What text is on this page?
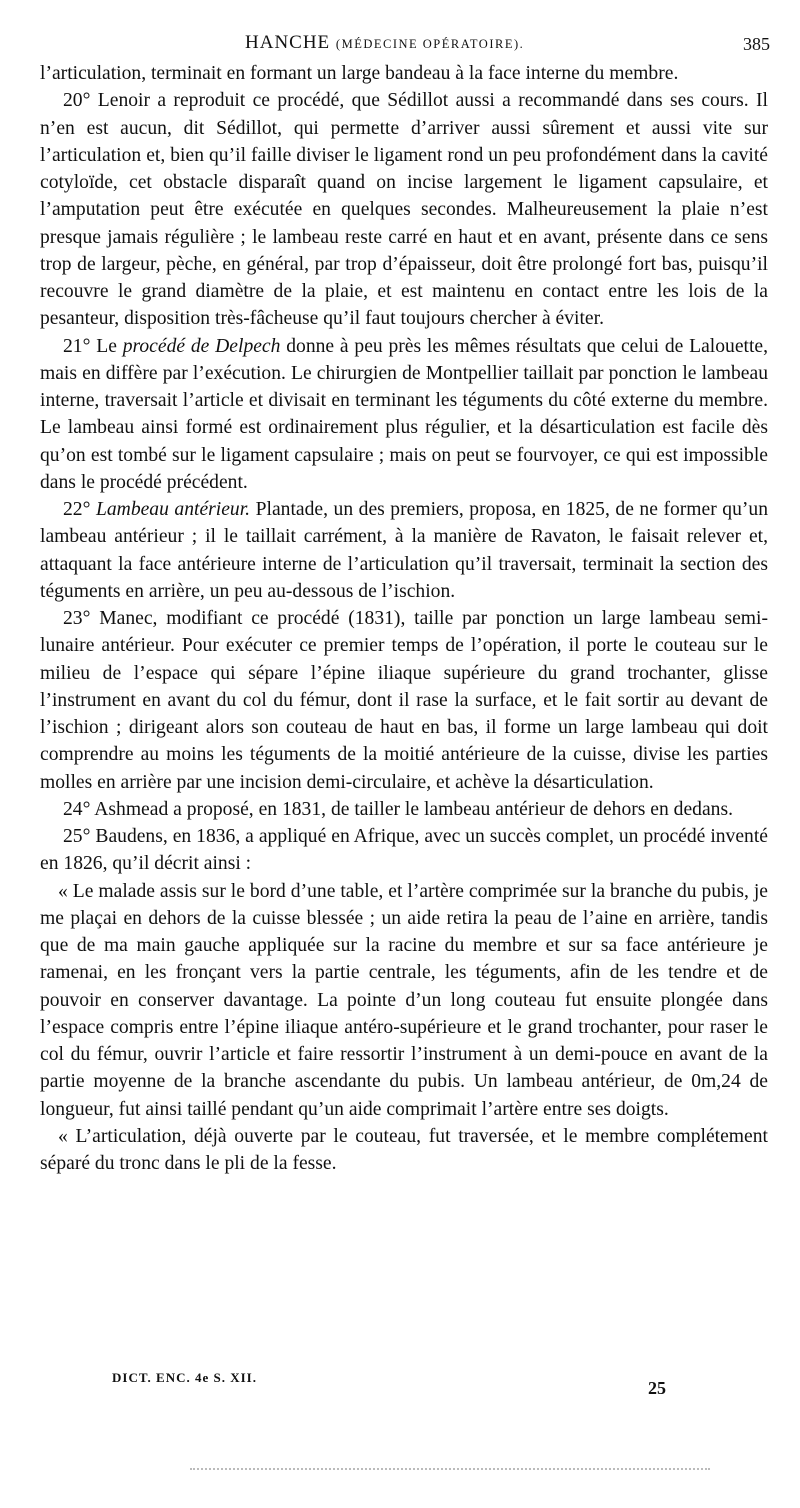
HANCHE (MÉDECINE OPÉRATOIRE).	385

l’articulation, terminait en formant un large bandeau à la face interne du membre.

20° Lenoir a reproduit ce procédé, que Sédillot aussi a recommandé dans ses cours. Il n’en est aucun, dit Sédillot, qui permette d’arriver aussi sûrement et aussi vite sur l’articulation et, bien qu’il faille diviser le ligament rond un peu profondément dans la cavité cotyloïde, cet obstacle disparaît quand on incise largement le ligament capsulaire, et l’amputation peut être exécutée en quelques secondes. Malheureusement la plaie n’est presque jamais régulière ; le lambeau reste carré en haut et en avant, présente dans ce sens trop de largeur, pèche, en général, par trop d’épaisseur, doit être prolongé fort bas, puisqu’il recouvre le grand diamètre de la plaie, et est maintenu en contact entre les lois de la pesanteur, disposition très-fâcheuse qu’il faut toujours chercher à éviter.

21° Le procédé de Delpech donne à peu près les mêmes résultats que celui de Lalouette, mais en diffère par l’exécution. Le chirurgien de Montpellier taillait par ponction le lambeau interne, traversait l’article et divisait en terminant les téguments du côté externe du membre. Le lambeau ainsi formé est ordinairement plus régulier, et la désarticulation est facile dès qu’on est tombé sur le ligament capsulaire ; mais on peut se fourvoyer, ce qui est impossible dans le procédé précédent.

22° Lambeau antérieur. Plantade, un des premiers, proposa, en 1825, de ne former qu’un lambeau antérieur ; il le taillait carrément, à la manière de Ravaton, le faisait relever et, attaquant la face antérieure interne de l’articulation qu’il traversait, terminait la section des téguments en arrière, un peu au-dessous de l’ischion.

23° Manec, modifiant ce procédé (1831), taille par ponction un large lambeau semi-lunaire antérieur. Pour exécuter ce premier temps de l’opération, il porte le couteau sur le milieu de l’espace qui sépare l’épine iliaque supérieure du grand trochanter, glisse l’instrument en avant du col du fémur, dont il rase la surface, et le fait sortir au devant de l’ischion ; dirigeant alors son couteau de haut en bas, il forme un large lambeau qui doit comprendre au moins les téguments de la moitié antérieure de la cuisse, divise les parties molles en arrière par une incision demi-circulaire, et achève la désarticulation.

24° Ashmead a proposé, en 1831, de tailler le lambeau antérieur de dehors en dedans.

25° Baudens, en 1836, a appliqué en Afrique, avec un succès complet, un procédé inventé en 1826, qu’il décrit ainsi :

« Le malade assis sur le bord d’une table, et l’artère comprimée sur la branche du pubis, je me plaçai en dehors de la cuisse blessée ; un aide retira la peau de l’aine en arrière, tandis que de ma main gauche appliquée sur la racine du membre et sur sa face antérieure je ramenai, en les fronçant vers la partie centrale, les téguments, afin de les tendre et de pouvoir en conserver davantage. La pointe d’un long couteau fut ensuite plongée dans l’espace compris entre l’épine iliaque antéro-supérieure et le grand trochanter, pour raser le col du fémur, ouvrir l’article et faire ressortir l’instrument à un demi-pouce en avant de la partie moyenne de la branche ascendante du pubis. Un lambeau antérieur, de 0m,24 de longueur, fut ainsi taillé pendant qu’un aide comprimait l’artère entre ses doigts.

« L’articulation, déjà ouverte par le couteau, fut traversée, et le membre complétement séparé du tronc dans le pli de la fesse.

DICT. ENC. 4e S. XII.
25
